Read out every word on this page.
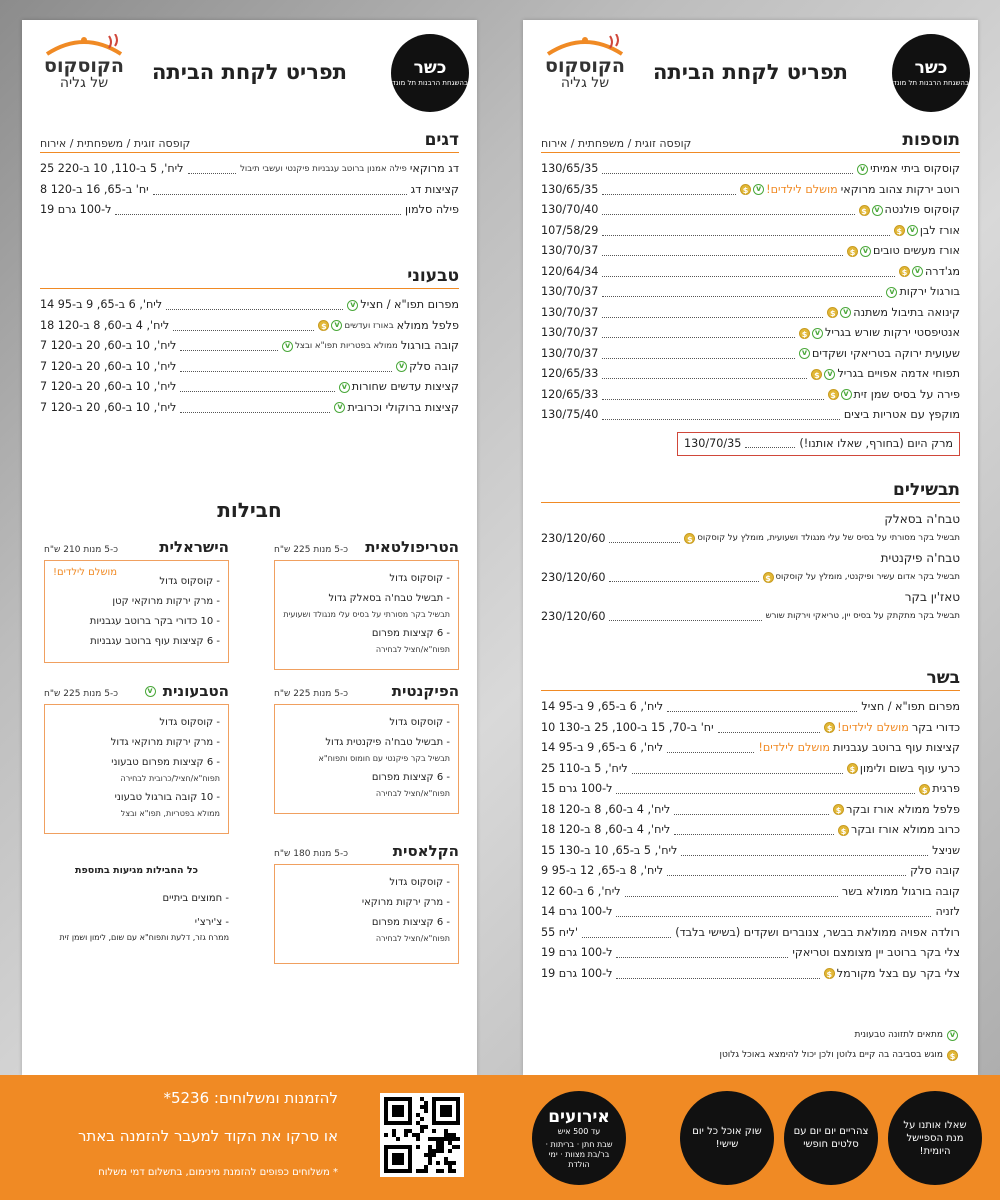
כשר
בהשגחת הרבנות תל מונד
תפריט לקחת הביתה
הקוסקוס
של גליה
תוספות
קופסה זוגית / משפחתית / אירוח
קוסקוס ביתי אמיתי
v
130/65/35
רוטב ירקות צהוב מרוקאי
מושלם לילדים!
v
$
130/65/35
קוסקוס פולנטה
v
$
130/70/40
אורז לבן
v
$
107/58/29
אורז מעשים טובים
v
$
130/70/37
מג'דרה
v
$
120/64/34
בורגול ירקות
v
130/70/37
קינואה בתיבול משתנה
v
$
130/70/37
אנטיפסטי ירקות שורש בגריל
v
$
130/70/37
שעועית ירוקה בטריאקי ושקדים
v
130/70/37
תפוחי אדמה אפויים בגריל
v
$
120/65/33
פירה על בסיס שמן זית
v
$
120/65/33
מוקפץ עם אטריות ביצים
130/75/40
מרק היום (בחורף, שאלו אותנו!)
130/70/35
תבשילים
טבח'ה בסאלק
תבשיל בקר מסורתי על בסיס של עלי מנגולד ושעועית, מומלץ על קוסקוס
$
230/120/60
טבח'ה פיקנטית
תבשיל בקר אדום עשיר ופיקנטי, מומלץ על קוסקוס
$
230/120/60
טאז'ין בקר
תבשיל בקר מתקתק על בסיס יין, טריאקי וירקות שורש
230/120/60
בשר
מפרום תפו"א / חציל
14 ליח', 6 ב-65, 9 ב-95
כדורי בקר
מושלם לילדים!
$
10 יח' ב-70, 15 ב-100, 25 ב-130
קציצות עוף ברוטב עגבניות
מושלם לילדים!
14 ליח', 6 ב-65, 9 ב-95
כרעי עוף בשום ולימון
$
25 ליח', 5 ב-110
פרגית
$
15 ל-100 גרם
פלפל ממולא אורז ובקר
$
18 ליח', 4 ב-60, 8 ב-120
כרוב ממולא אורז ובקר
$
18 ליח', 4 ב-60, 8 ב-120
שניצל
15 ליח', 5 ב-65, 10 ב-130
קובה סלק
9 ליח', 8 ב-65, 12 ב-95
קובה בורגול ממולא בשר
12 ליח', 6 ב-60
לזניה
14 ל-100 גרם
רולדה אפויה ממולאת בבשר, צנוברים ושקדים (בשישי בלבד)
55 ליח'
צלי בקר ברוטב יין מצומצם וטריאקי
19 ל-100 גרם
צלי בקר עם בצל מקורמל
$
19 ל-100 גרם
v
מתאים לתזונה טבעונית
$
מוגש בסביבה בה קיים גלוטן ולכן יכול להימצא באוכל גלוטן
כשר
בהשגחת הרבנות תל מונד
תפריט לקחת הביתה
הקוסקוס
של גליה
דגים
קופסה זוגית / משפחתית / אירוח
דג מרוקאי
פילה אמנון ברוטב עגבניות פיקנטי ועשבי תיבול
25 ליח', 5 ב-110, 10 ב-220
קציצות דג
8 יח' ב-65, 16 ב-120
פילה סלמון
19 ל-100 גרם
טבעוני
מפרום תפו"א / חציל
v
14 ליח', 6 ב-65, 9 ב-95
פלפל ממולא
באורז ועדשים
v
$
18 ליח', 4 ב-60, 8 ב-120
קובה בורגול
ממולא בפטריות תפו"א ובצל
v
7 ליח', 10 ב-60, 20 ב-120
קובה סלק
v
7 ליח', 10 ב-60, 20 ב-120
קציצות עדשים שחורות
v
7 ליח', 10 ב-60, 20 ב-120
קציצות ברוקולי וכרובית
v
7 ליח', 10 ב-60, 20 ב-120
חבילות
הטריפולטאית
כ-5 מנות 225 ש"ח
- קוסקוס גדול
- תבשיל טבח'ה בסאלק גדול
תבשיל בקר מסורתי על בסיס עלי מנגולד ושעועית
- 6 קציצות מפרום
תפוח"א/חציל לבחירה
הישראלית
כ-5 מנות 210 ש"ח
מושלם לילדים!
- קוסקוס גדול
- מרק ירקות מרוקאי קטן
- 10 כדורי בקר ברוטב עגבניות
- 6 קציצות עוף ברוטב עגבניות
הפיקנטית
כ-5 מנות 225 ש"ח
- קוסקוס גדול
- תבשיל טבח'ה פיקנטית גדול
תבשיל בקר פיקנטי עם חומוס ותפוח"א
- 6 קציצות מפרום
תפוח"א/חציל לבחירה
הטבעונית v
כ-5 מנות 225 ש"ח
- קוסקוס גדול
- מרק ירקות מרוקאי גדול
- 6 קציצות מפרום טבעוני
תפוח"א/חציל/כרובית לבחירה
- 10 קובה בורגול טבעוני
ממולא בפטריות, תפו"א ובצל
הקלאסית
כ-5 מנות 180 ש"ח
- קוסקוס גדול
- מרק ירקות מרוקאי
- 6 קציצות מפרום
תפוח"א/חציל לבחירה
כל החבילות מגיעות בתוספת
- חמוצים ביתיים
- צ'ירצ'י
ממרח גזר, דלעת ותפוח"א עם שום, לימון ושמן זית
להזמנות ומשלוחים: 5236*
או סרקו את הקוד למעבר להזמנה באתר
* משלוחים כפופים להזמנת מינימום, בתשלום דמי משלוח
אירועים
עד 500 איש
שבת חתן · בריתות · בר/בת מצוות · ימי הולדת
שוק אוכל כל יום שישי!
צהריים יום יום עם סלטים חופשי
שאלו אותנו על מנת הספיישל היומית!
